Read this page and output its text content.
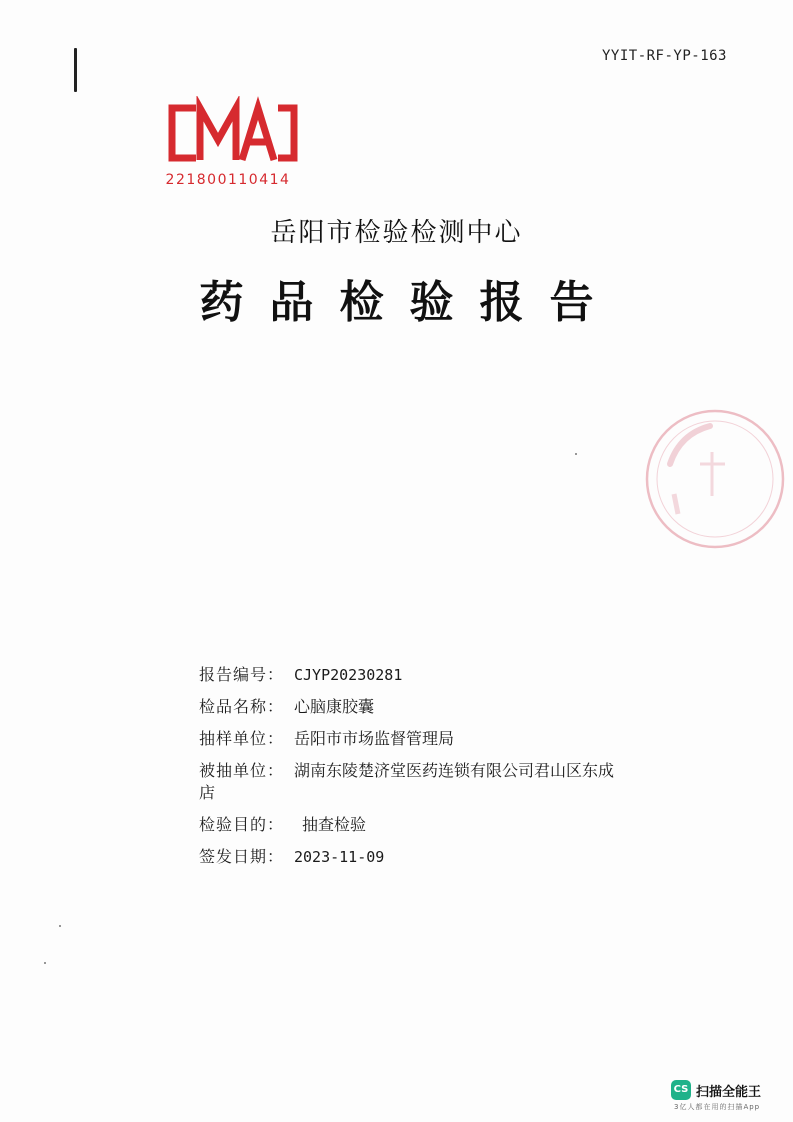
YYIT-RF-YP-163
221800110414
岳阳市检验检测中心
药品检验报告
报告编号： CJYP20230281
检品名称： 心脑康胶囊
抽样单位： 岳阳市市场监督管理局
被抽单位： 湖南东陵楚济堂医药连锁有限公司君山区东成
店
检验目的：	抽查检验
签发日期： 2023-11-09
CS 扫描全能王
3亿人都在用的扫描App
